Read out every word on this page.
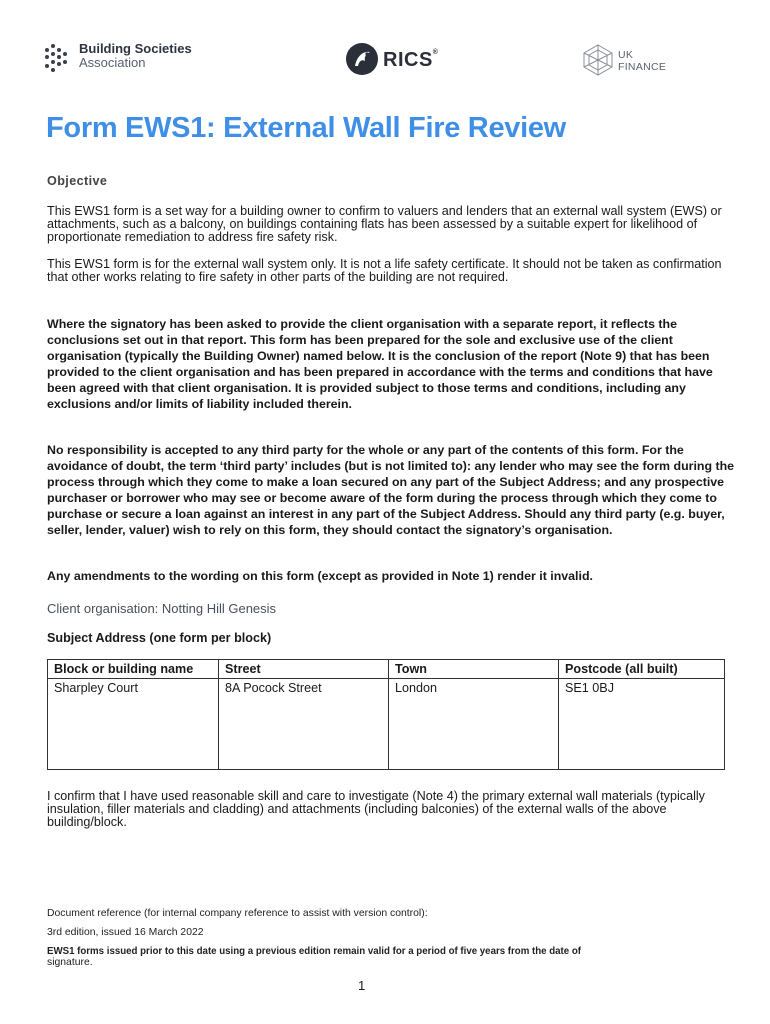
Building Societies
Association	RICS®	UK
FINANCE
Form EWS1: External Wall Fire Review
Objective
This EWS1 form is a set way for a building owner to confirm to valuers and lenders that an external wall system (EWS) or attachments, such as a balcony, on buildings containing flats has been assessed by a suitable expert for likelihood of proportionate remediation to address fire safety risk.
This EWS1 form is for the external wall system only. It is not a life safety certificate. It should not be taken as confirmation that other works relating to fire safety in other parts of the building are not required.
Where the signatory has been asked to provide the client organisation with a separate report, it reflects the conclusions set out in that report. This form has been prepared for the sole and exclusive use of the client organisation (typically the Building Owner) named below. It is the conclusion of the report (Note 9) that has been provided to the client organisation and has been prepared in accordance with the terms and conditions that have been agreed with that client organisation. It is provided subject to those terms and conditions, including any exclusions and/or limits of liability included therein.
No responsibility is accepted to any third party for the whole or any part of the contents of this form. For the avoidance of doubt, the term ‘third party’ includes (but is not limited to): any lender who may see the form during the process through which they come to make a loan secured on any part of the Subject Address; and any prospective purchaser or borrower who may see or become aware of the form during the process through which they come to purchase or secure a loan against an interest in any part of the Subject Address. Should any third party (e.g. buyer, seller, lender, valuer) wish to rely on this form, they should contact the signatory’s organisation.
Any amendments to the wording on this form (except as provided in Note 1) render it invalid.
Client organisation: Notting Hill Genesis
Subject Address (one form per block)
Block or building name	Street	Town	Postcode (all built)
Sharpley Court	8A Pocock Street	London	SE1 0BJ
I confirm that I have used reasonable skill and care to investigate (Note 4) the primary external wall materials (typically insulation, filler materials and cladding) and attachments (including balconies) of the external walls of the above building/block.
Document reference (for internal company reference to assist with version control):
3rd edition, issued 16 March 2022
EWS1 forms issued prior to this date using a previous edition remain valid for a period of five years from the date of
signature.
1
